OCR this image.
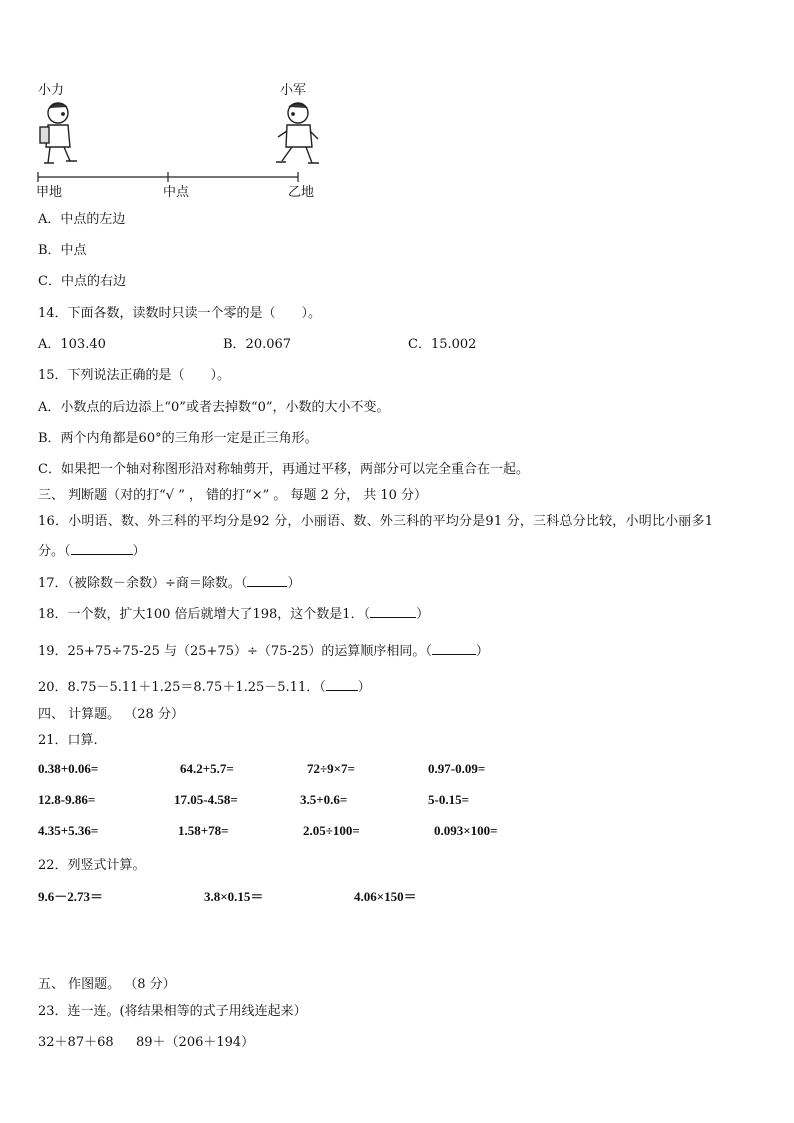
小力	小军
甲地	中点	乙地
A．中点的左边
B．中点
C．中点的右边
14．下面各数，读数时只读一个零的是（　　）。
A．103.40	B．20.067	C．15.002
15．下列说法正确的是（　　）。
A．小数点的后边添上“0”或者去掉数“0”，小数的大小不变。
B．两个内角都是60°的三角形一定是正三角形。
C．如果把一个轴对称图形沿对称轴剪开，再通过平移，两部分可以完全重合在一起。
三、 判断题（对的打“√ ” ， 错的打“×” 。 每题 2 分， 共 10 分）
16．小明语、数、外三科的平均分是92 分，小丽语、数、外三科的平均分是91 分，三科总分比较，小明比小丽多1
分。（	）
17．（被除数－余数）÷商＝除数。（	）
18．一个数，扩大100 倍后就增大了198，这个数是1．（	）
19．25+75÷75-25 与（25+75）÷（75-25）的运算顺序相同。（	）
20．8.75－5.11＋1.25＝8.75＋1.25－5.11．（ ）
四、 计算题。 （28 分）
21．口算.
0.38+0.06=	64.2+5.7=	72÷9×7=	0.97-0.09=
12.8-9.86=	17.05-4.58=	3.5+0.6=	5-0.15=
4.35+5.36=	1.58+78=	2.05÷100=	0.093×100=
22．列竖式计算。
9.6－2.73＝	3.8×0.15＝	4.06×150＝
五、 作图题。 （8 分）
23．连一连。(将结果相等的式子用线连起来）
32＋87＋68 89＋（206＋194）
